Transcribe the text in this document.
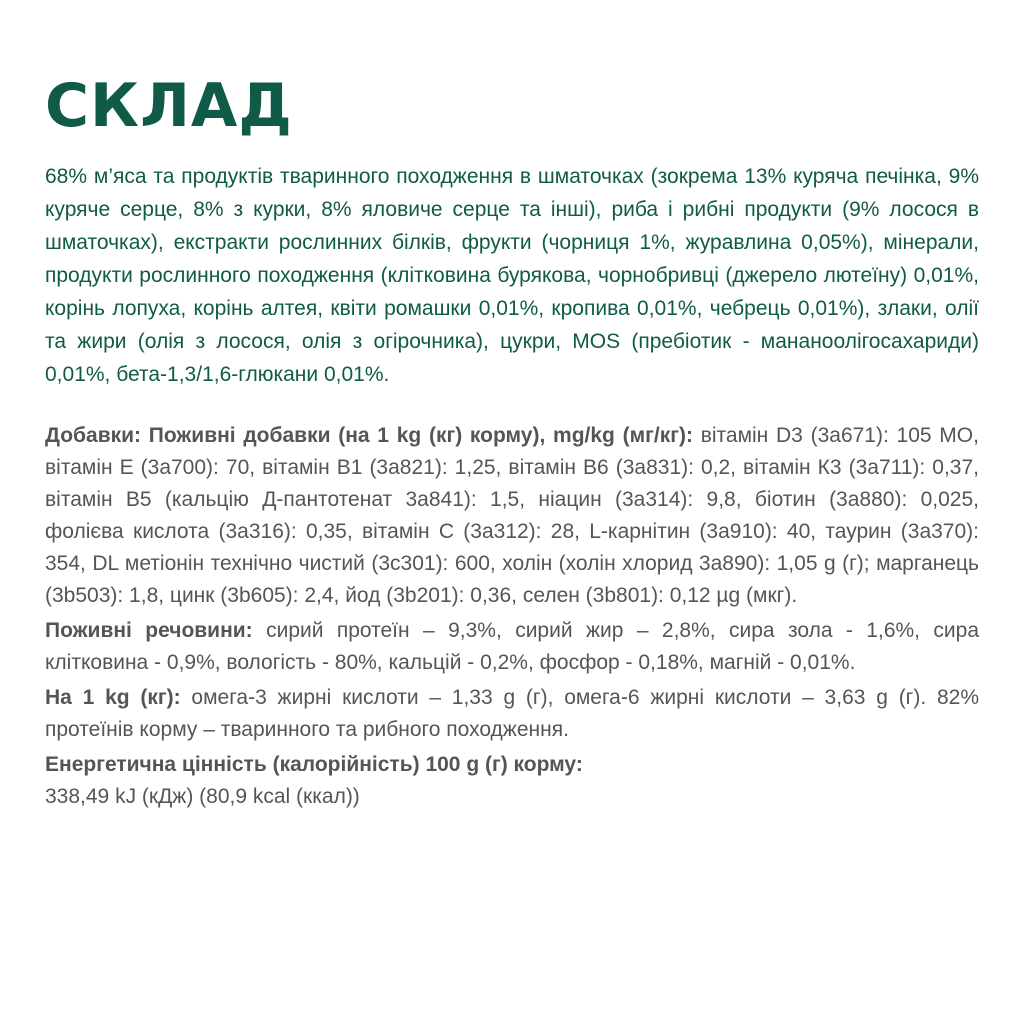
СКЛАД

68% м’яса та продуктів тваринного походження в шматочках (зокрема 13% куряча печінка, 9% куряче серце, 8% з курки, 8% яловиче серце та інші), риба і рибні продукти (9% лосося в шматочках), екстракти рослинних білків, фрукти (чорниця 1%, журавлина 0,05%), мінерали, продукти рослинного походження (клітковина бурякова, чорнобривці (джерело лютеїну) 0,01%, корінь лопуха, корінь алтея, квіти ромашки 0,01%, кропива 0,01%, чебрець 0,01%), злаки, олії та жири (олія з лосося, олія з огірочника), цукри, MOS (пребіотик - мананоолігосахариди) 0,01%, бета-1,3/1,6-глюкани 0,01%.

Добавки: Поживні добавки (на 1 kg (кг) корму), mg/kg (мг/кг): вітамін D3 (3a671): 105 МО, вітамін Е (3a700): 70, вітамін В1 (3a821): 1,25, вітамін В6 (3a831): 0,2, вітамін К3 (3a711): 0,37, вітамін В5 (кальцію Д-пантотенат 3a841): 1,5, ніацин (3a314): 9,8, біотин (3a880): 0,025, фолієва кислота (3a316): 0,35, вітамін С (3a312): 28, L-карнітин (3a910): 40, таурин (3a370): 354, DL метіонін технічно чистий (3c301): 600, холін (холін хлорид 3a890): 1,05 g (г); марганець (3b503): 1,8, цинк (3b605): 2,4, йод (3b201): 0,36, селен (3b801): 0,12 µg (мкг).

Поживні речовини: сирий протеїн – 9,3%, сирий жир – 2,8%, сира зола - 1,6%, сира клітковина - 0,9%, вологість - 80%, кальцій - 0,2%, фосфор - 0,18%, магній - 0,01%.

На 1 kg (кг): омега-3 жирні кислоти – 1,33 g (г), омега-6 жирні кислоти – 3,63 g (г). 82% протеїнів корму – тваринного та рибного походження.

Енергетична цінність (калорійність) 100 g (г) корму:
338,49 kJ (кДж) (80,9 kcal (ккал))
